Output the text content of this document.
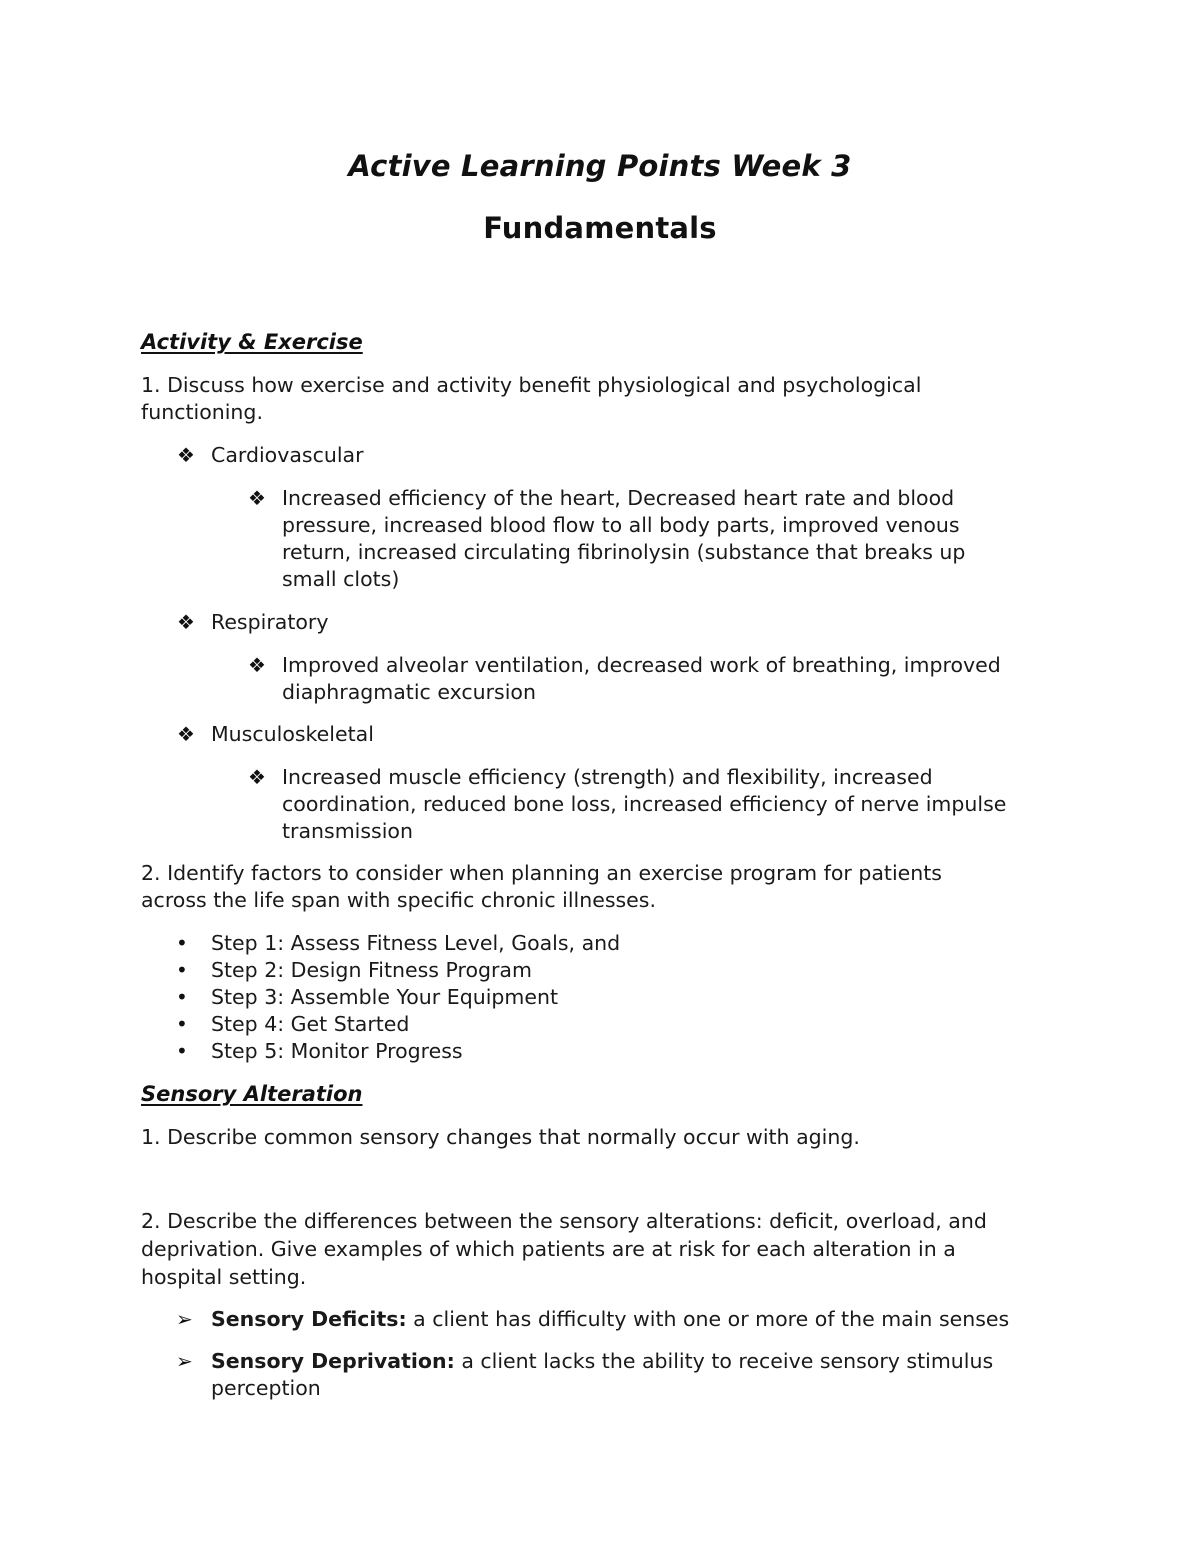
Active Learning Points Week 3
Fundamentals
Activity & Exercise
1. Discuss how exercise and activity benefit physiological and psychological
functioning.
❖ Cardiovascular
❖ Increased efficiency of the heart, Decreased heart rate and blood
pressure, increased blood flow to all body parts, improved venous
return, increased circulating fibrinolysin (substance that breaks up
small clots)
❖ Respiratory
❖ Improved alveolar ventilation, decreased work of breathing, improved
diaphragmatic excursion
❖ Musculoskeletal
❖ Increased muscle efficiency (strength) and flexibility, increased
coordination, reduced bone loss, increased efficiency of nerve impulse
transmission
2. Identify factors to consider when planning an exercise program for patients
across the life span with specific chronic illnesses.
• Step 1: Assess Fitness Level, Goals, and
• Step 2: Design Fitness Program
• Step 3: Assemble Your Equipment
• Step 4: Get Started
• Step 5: Monitor Progress
Sensory Alteration
1. Describe common sensory changes that normally occur with aging.
2. Describe the differences between the sensory alterations: deficit, overload, and
deprivation. Give examples of which patients are at risk for each alteration in a
hospital setting.
➢ Sensory Deficits: a client has difficulty with one or more of the main senses
➢ Sensory Deprivation: a client lacks the ability to receive sensory stimulus
perception
